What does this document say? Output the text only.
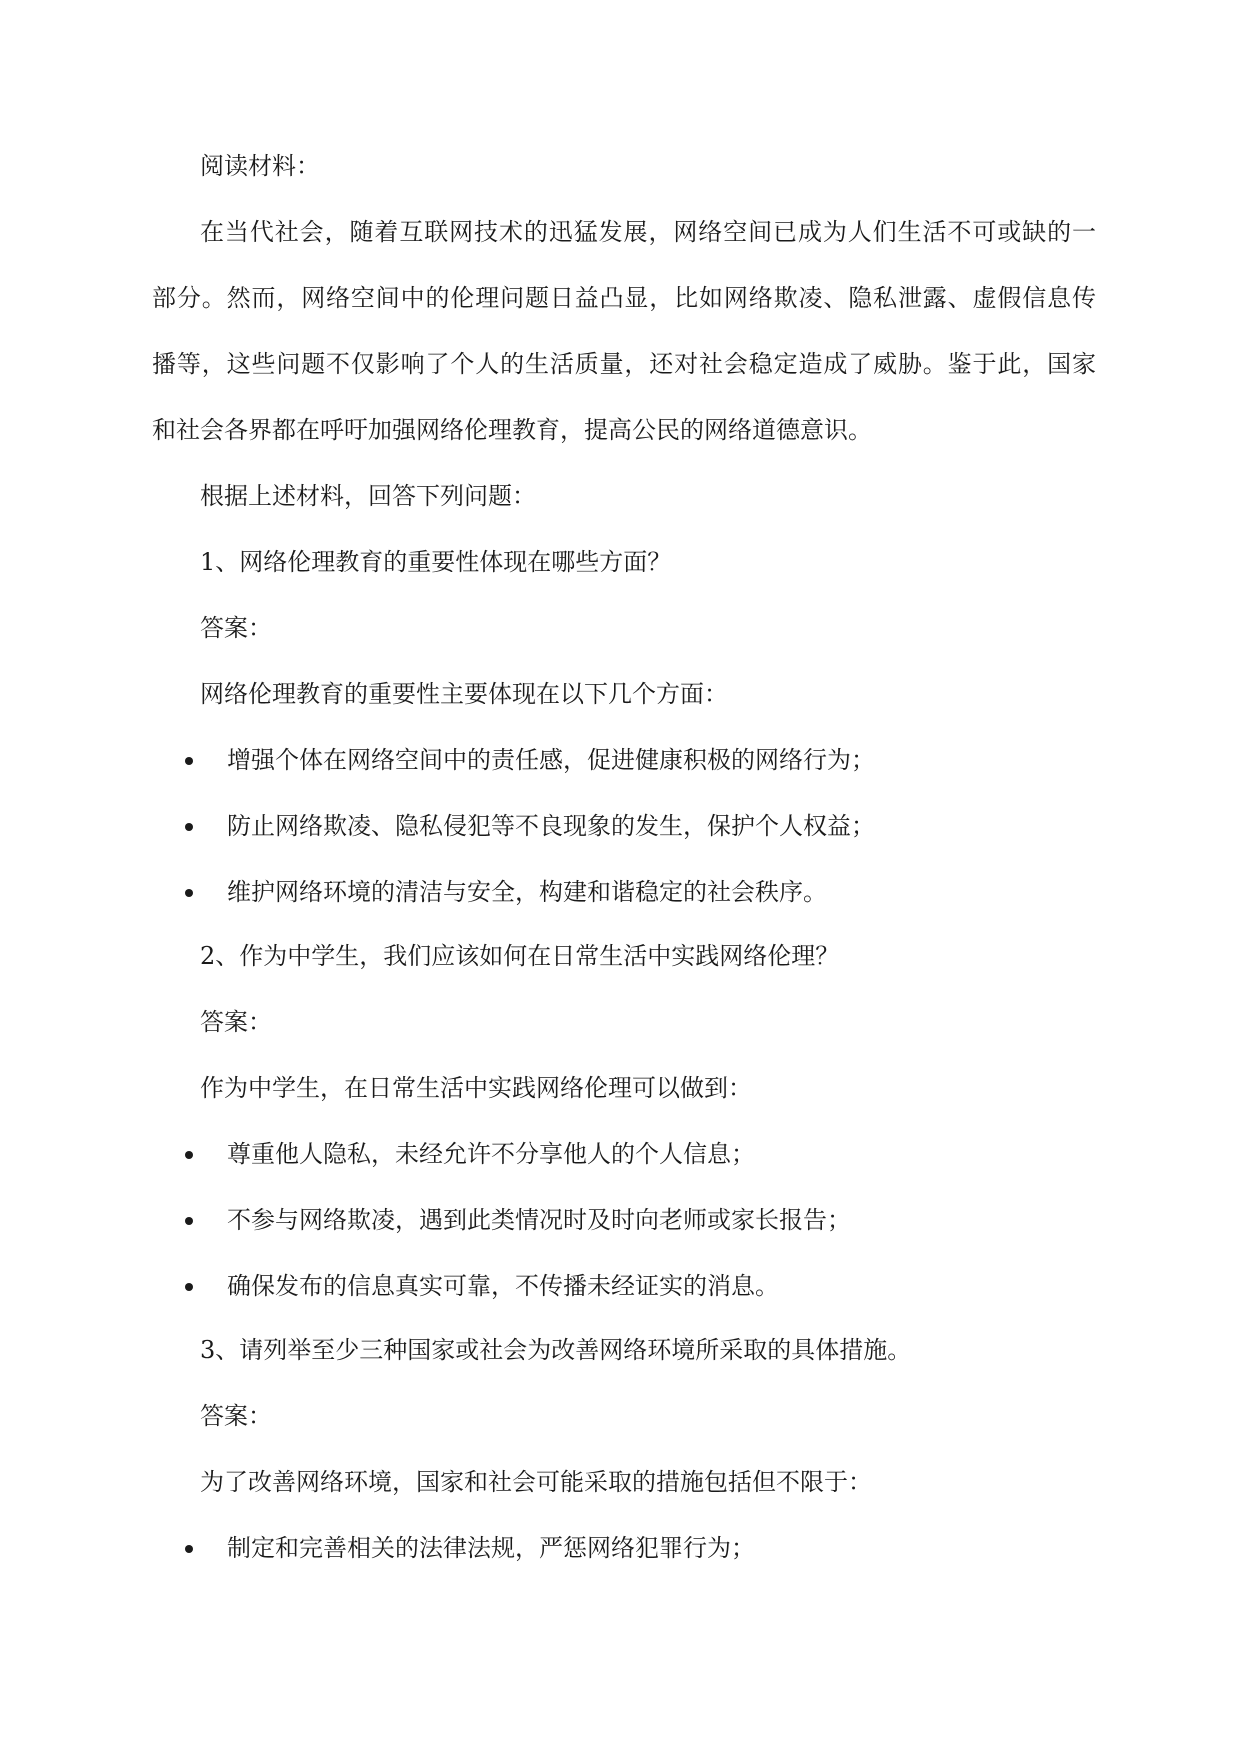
阅读材料：
在当代社会，随着互联网技术的迅猛发展，网络空间已成为人们生活不可或缺的一
部分。然而，网络空间中的伦理问题日益凸显，比如网络欺凌、隐私泄露、虚假信息传
播等，这些问题不仅影响了个人的生活质量，还对社会稳定造成了威胁。鉴于此，国家
和社会各界都在呼吁加强网络伦理教育，提高公民的网络道德意识。
根据上述材料，回答下列问题：
1、网络伦理教育的重要性体现在哪些方面？
答案：
网络伦理教育的重要性主要体现在以下几个方面：
增强个体在网络空间中的责任感，促进健康积极的网络行为；
防止网络欺凌、隐私侵犯等不良现象的发生，保护个人权益；
维护网络环境的清洁与安全，构建和谐稳定的社会秩序。
2、作为中学生，我们应该如何在日常生活中实践网络伦理？
答案：
作为中学生，在日常生活中实践网络伦理可以做到：
尊重他人隐私，未经允许不分享他人的个人信息；
不参与网络欺凌，遇到此类情况时及时向老师或家长报告；
确保发布的信息真实可靠，不传播未经证实的消息。
3、请列举至少三种国家或社会为改善网络环境所采取的具体措施。
答案：
为了改善网络环境，国家和社会可能采取的措施包括但不限于：
制定和完善相关的法律法规，严惩网络犯罪行为；
